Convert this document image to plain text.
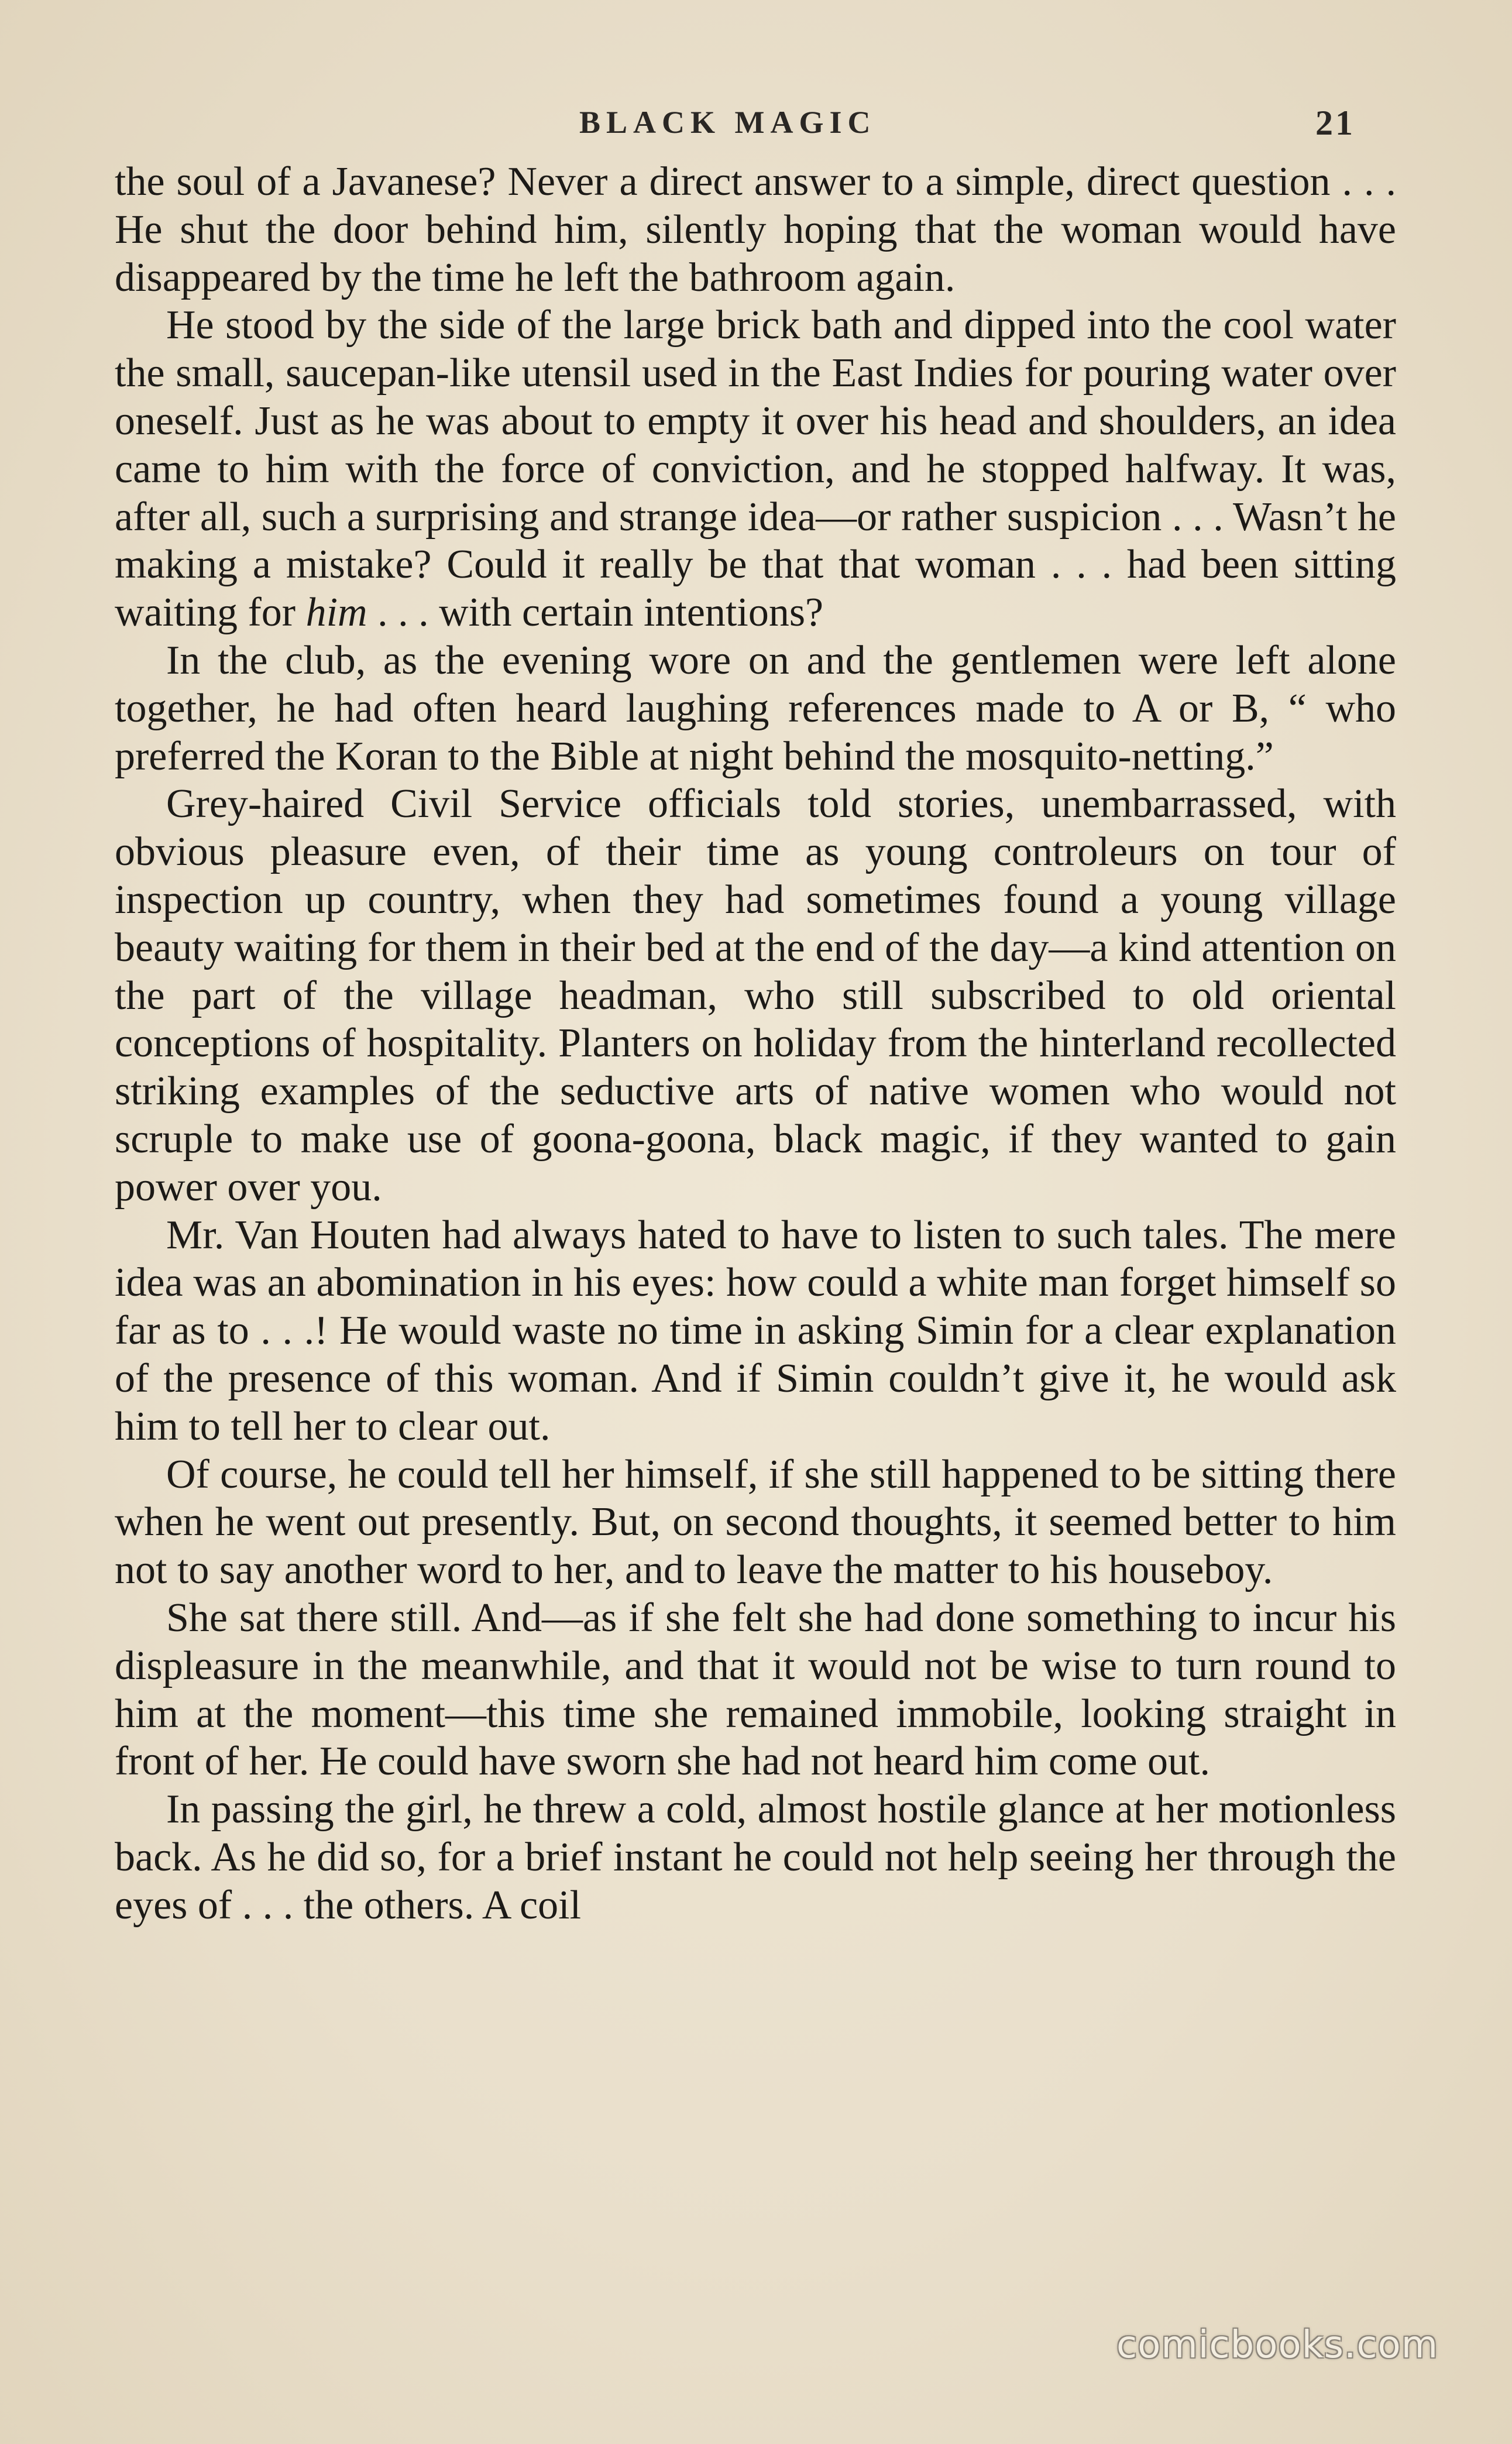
BLACK MAGIC	21

the soul of a Javanese? Never a direct answer to a simple, direct question . . . He shut the door behind him, silently hoping that the woman would have disappeared by the time he left the bathroom again.

He stood by the side of the large brick bath and dipped into the cool water the small, saucepan-like utensil used in the East Indies for pouring water over oneself. Just as he was about to empty it over his head and shoulders, an idea came to him with the force of conviction, and he stopped halfway. It was, after all, such a surprising and strange idea—or rather suspicion . . . Wasn’t he making a mistake? Could it really be that that woman . . . had been sitting waiting for him . . . with certain intentions?

In the club, as the evening wore on and the gentlemen were left alone together, he had often heard laughing references made to A or B, “ who preferred the Koran to the Bible at night behind the mosquito-netting.”

Grey-haired Civil Service officials told stories, unembarrassed, with obvious pleasure even, of their time as young controleurs on tour of inspection up country, when they had sometimes found a young village beauty waiting for them in their bed at the end of the day—a kind attention on the part of the village headman, who still subscribed to old oriental conceptions of hospitality. Planters on holiday from the hinterland recollected striking examples of the seductive arts of native women who would not scruple to make use of goona-goona, black magic, if they wanted to gain power over you.

Mr. Van Houten had always hated to have to listen to such tales. The mere idea was an abomination in his eyes: how could a white man forget himself so far as to . . .! He would waste no time in asking Simin for a clear explanation of the presence of this woman. And if Simin couldn’t give it, he would ask him to tell her to clear out.

Of course, he could tell her himself, if she still happened to be sitting there when he went out presently. But, on second thoughts, it seemed better to him not to say another word to her, and to leave the matter to his houseboy.

She sat there still. And—as if she felt she had done something to incur his displeasure in the meanwhile, and that it would not be wise to turn round to him at the moment—this time she remained immobile, looking straight in front of her. He could have sworn she had not heard him come out.

In passing the girl, he threw a cold, almost hostile glance at her motionless back. As he did so, for a brief instant he could not help seeing her through the eyes of . . . the others. A coil

comicbooks.com
